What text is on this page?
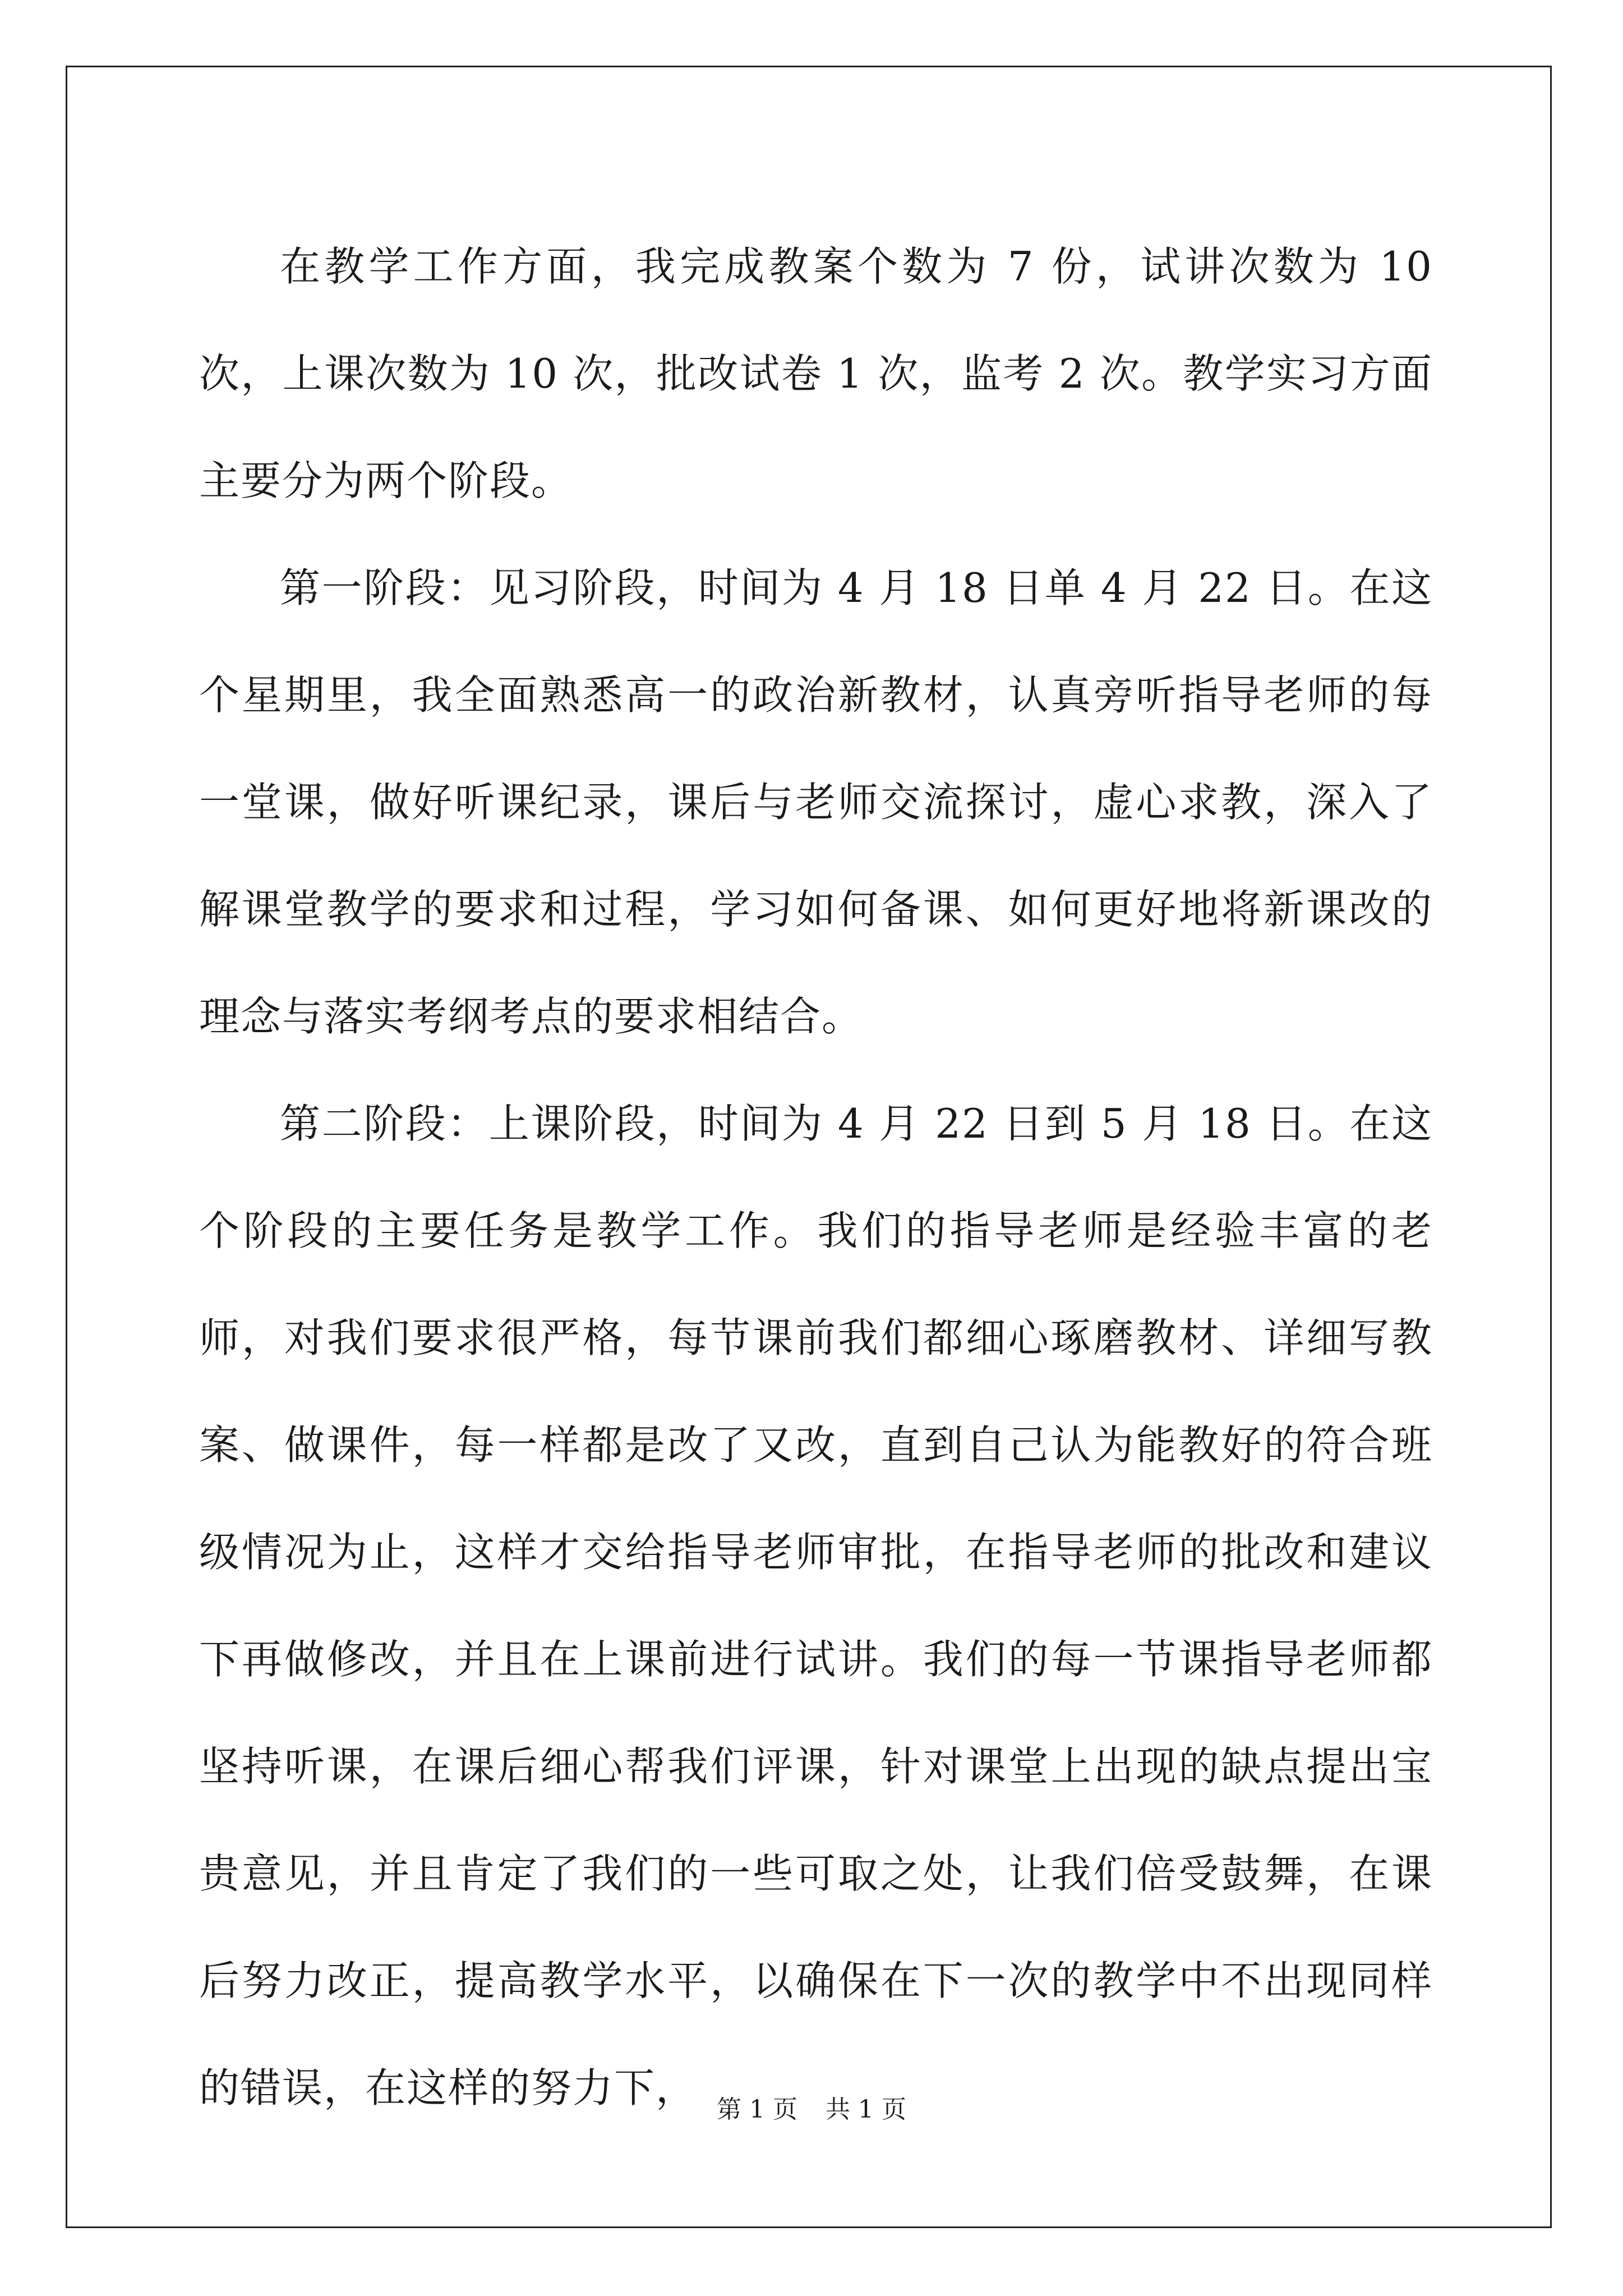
在教学工作方面，我完成教案个数为 7 份，试讲次数为 10 次，上课次数为 10 次，批改试卷 1 次，监考 2 次。教学实习方面主要分为两个阶段。

第一阶段：见习阶段，时间为 4 月 18 日单 4 月 22 日。在这个星期里，我全面熟悉高一的政治新教材，认真旁听指导老师的每一堂课，做好听课纪录，课后与老师交流探讨，虚心求教，深入了解课堂教学的要求和过程，学习如何备课、如何更好地将新课改的理念与落实考纲考点的要求相结合。

第二阶段：上课阶段，时间为 4 月 22 日到 5 月 18 日。在这个阶段的主要任务是教学工作。我们的指导老师是经验丰富的老师，对我们要求很严格，每节课前我们都细心琢磨教材、详细写教案、做课件，每一样都是改了又改，直到自己认为能教好的符合班级情况为止，这样才交给指导老师审批，在指导老师的批改和建议下再做修改，并且在上课前进行试讲。我们的每一节课指导老师都坚持听课，在课后细心帮我们评课，针对课堂上出现的缺点提出宝贵意见，并且肯定了我们的一些可取之处，让我们倍受鼓舞，在课后努力改正，提高教学水平，以确保在下一次的教学中不出现同样的错误，在这样的努力下， 第 1 页 共 1 页
